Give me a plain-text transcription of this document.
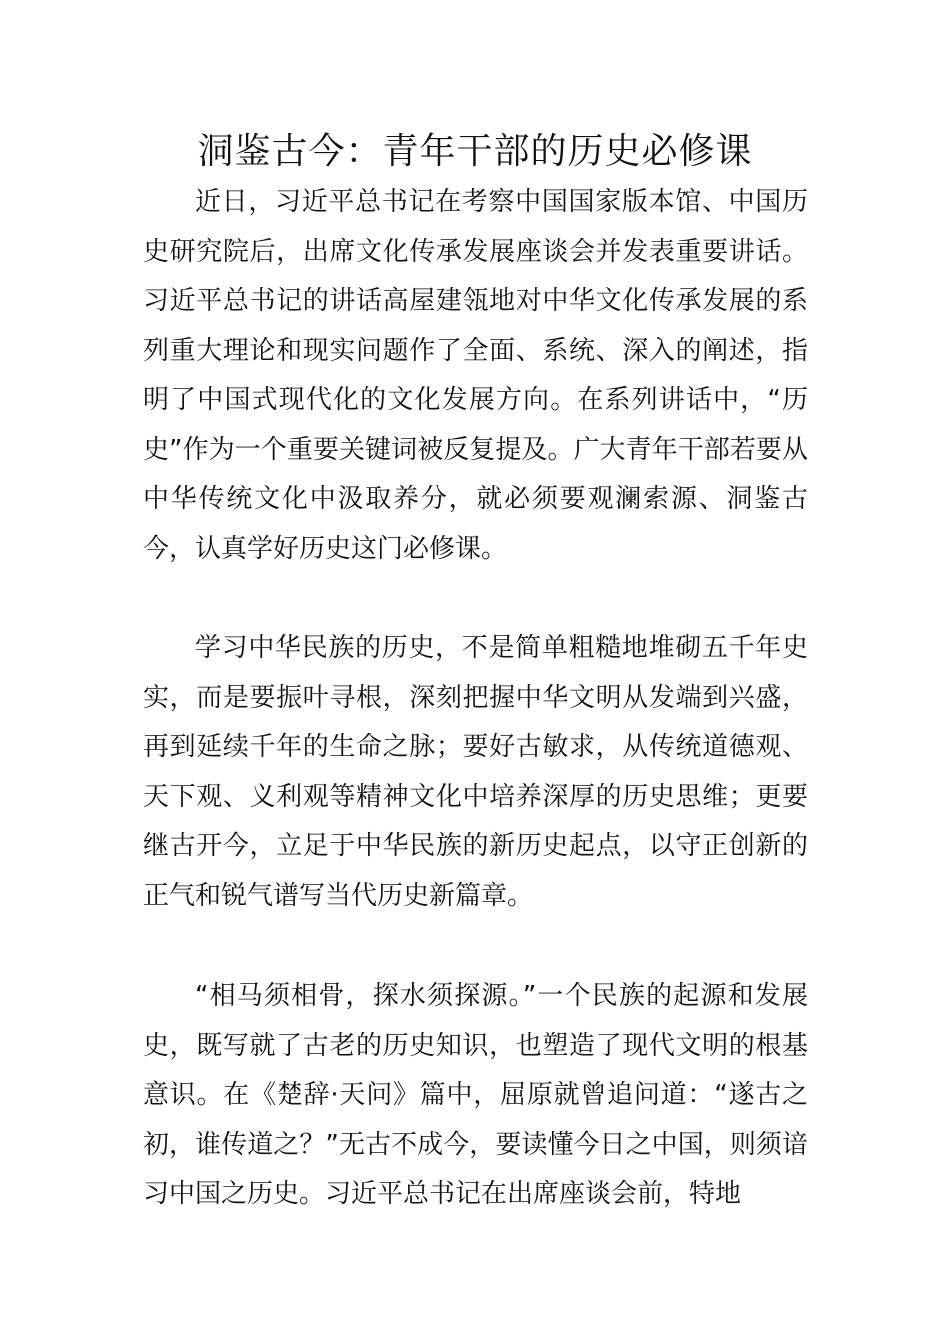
洞鉴古今：青年干部的历史必修课

近日，习近平总书记在考察中国国家版本馆、中国历史研究院后，出席文化传承发展座谈会并发表重要讲话。习近平总书记的讲话高屋建瓴地对中华文化传承发展的系列重大理论和现实问题作了全面、系统、深入的阐述，指明了中国式现代化的文化发展方向。在系列讲话中，“历史”作为一个重要关键词被反复提及。广大青年干部若要从中华传统文化中汲取养分，就必须要观澜索源、洞鉴古今，认真学好历史这门必修课。

学习中华民族的历史，不是简单粗糙地堆砌五千年史实，而是要振叶寻根，深刻把握中华文明从发端到兴盛，再到延续千年的生命之脉；要好古敏求，从传统道德观、天下观、义利观等精神文化中培养深厚的历史思维；更要继古开今，立足于中华民族的新历史起点，以守正创新的正气和锐气谱写当代历史新篇章。

“相马须相骨，探水须探源。”一个民族的起源和发展史，既写就了古老的历史知识，也塑造了现代文明的根基意识。在《楚辞·天问》篇中，屈原就曾追问道：“遂古之初，谁传道之？”无古不成今，要读懂今日之中国，则须谙习中国之历史。习近平总书记在出席座谈会前，特地
